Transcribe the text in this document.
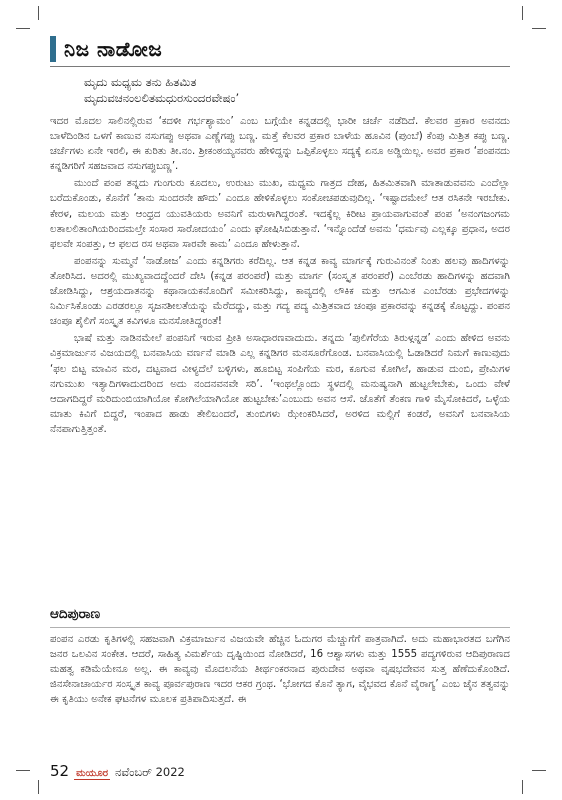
ನಿಜ ನಾಡೋಜ
ಮೃದು ಮಧ್ಯಮ ತನು ಹಿತಮಿತ
ಮೃದುವಚನಂಲಲಿತಮಧುರಸುಂದರವೇಷಂ’

ಇದರ ಮೊದಲ ಸಾಲಿನಲ್ಲಿರುವ ‘ಕದಳೀ ಗರ್ಭಶ್ಯಾಮಂ’ ಎಂಬ ಬಗ್ಗೆಯೇ ಕನ್ನಡದಲ್ಲಿ ಭಾರೀ ಚರ್ಚೆ ನಡೆದಿದೆ. ಕೆಲವರ ಪ್ರಕಾರ ಅವನದು ಬಾಳೆದಿಂಡಿನ ಒಳಗೆ ಕಾಣುವ ನಸುಗಪ್ಪು ಅಥವಾ ಎಣ್ಣೆಗಪ್ಪು ಬಣ್ಣ. ಮತ್ತೆ ಕೆಲವರ ಪ್ರಕಾರ ಬಾಳೆಯ ಹೂವಿನ (ಪುಂಬೆ) ಕೆಂಪು ಮಿಶ್ರಿತ ಕಪ್ಪು ಬಣ್ಣ. ಚರ್ಚೆಗಳು ಏನೇ ಇರಲಿ, ಈ ಕುರಿತು ತೀ.ನಂ. ಶ್ರೀಕಂಠಯ್ಯನವರು ಹೇಳಿದ್ದನ್ನು ಒಪ್ಪಿಕೊಳ್ಳಲು ಸದ್ಯಕ್ಕೆ ಏನೂ ಅಡ್ಡಿಯಿಲ್ಲ. ಅವರ ಪ್ರಕಾರ ‘ಪಂಪನದು ಕನ್ನಡಿಗರಿಗೆ ಸಹಜವಾದ ನಸುಗಪ್ಪುಬಣ್ಣ’.

ಮುಂದೆ ಪಂಪ ತನ್ನದು ಗುಂಗುರು ಕೂದಲು, ಉರುಟು ಮುಖ, ಮಧ್ಯಮ ಗಾತ್ರದ ದೇಹ, ಹಿತಮಿತವಾಗಿ ಮಾತಾಡುವವನು ಎಂದೆಲ್ಲಾ ಬರೆದುಕೊಂಡು, ಕೊನೆಗೆ ‘ತಾನು ಸುಂದರನೇ ಹೌದು’ ಎಂದೂ ಹೇಳಿಕೊಳ್ಳಲು ಸಂಕೋಚಪಡುವುದಿಲ್ಲ. ‘ಇಷ್ಟಾದಮೇಲೆ ಆತ ರಸಿಕನೇ ಇರಬೇಕು. ಕೇರಳ, ಮಲಯ ಮತ್ತು ಆಂಧ್ರದ ಯುವತಿಯರು ಅವನಿಗೆ ಮರುಳಾಗಿದ್ದರಂತೆ. ಇದಕ್ಕೆಲ್ಲ ಕಿರೀಟ ಪ್ರಾಯವಾಗುವಂತೆ ಪಂಪ ‘ಅನಂಗಜಂಗಮ ಲತಾಲಲಿತಾಂಗಿಯರಿಂದಮಲ್ತೇ ಸಂಸಾರ ಸಾರೋದಯಂ’ ಎಂದು ಘೋಷಿಸಿಬಿಡುತ್ತಾನೆ. ‘ಇನ್ನೊಂದೆಡೆ ಅವನು ‘ಧರ್ಮವು ಎಲ್ಲಕ್ಕೂ ಪ್ರಧಾನ, ಅದರ ಫಲವೇ ಸಂಪತ್ತು, ಆ ಫಲದ ರಸ ಅಥವಾ ಸಾರವೇ ಕಾಮ’ ಎಂದೂ ಹೇಳುತ್ತಾನೆ.

ಪಂಪನನ್ನು ಸುಮ್ಮನೆ ‘ನಾಡೋಜ’ ಎಂದು ಕನ್ನಡಿಗರು ಕರೆದಿಲ್ಲ. ಆತ ಕನ್ನಡ ಕಾವ್ಯ ಮಾರ್ಗಕ್ಕೆ ಗುರುವಿನಂತೆ ನಿಂತು ಹಲವು ಹಾದಿಗಳನ್ನು ತೋರಿಸಿದ. ಅದರಲ್ಲಿ ಮುಖ್ಯವಾದದ್ದೆಂದರೆ ದೇಸಿ (ಕನ್ನಡ ಪರಂಪರೆ) ಮತ್ತು ಮಾರ್ಗ (ಸಂಸ್ಕೃತ ಪರಂಪರೆ) ಎಂಬೆರಡು ಹಾದಿಗಳನ್ನು ಹದವಾಗಿ ಜೋಡಿಸಿದ್ದು, ಆಶ್ರಯದಾತನನ್ನು ಕಥಾನಾಯಕನೊಂದಿಗೆ ಸಮೀಕರಿಸಿದ್ದು, ಕಾವ್ಯದಲ್ಲಿ ಲೌಕಿಕ ಮತ್ತು ಆಗಮಿಕ ಎಂಬೆರಡು ಪ್ರಭೇದಗಳನ್ನು ನಿರ್ಮಿಸಿಕೊಂಡು ಎರಡರಲ್ಲೂ ಸೃಜನಶೀಲತೆಯನ್ನು ಮೆರೆದದ್ದು, ಮತ್ತು ಗದ್ಯ ಪದ್ಯ ಮಿಶ್ರಿತವಾದ ಚಂಪೂ ಪ್ರಕಾರವನ್ನು ಕನ್ನಡಕ್ಕೆ ಕೊಟ್ಟದ್ದು. ಪಂಪನ ಚಂಪೂ ಶೈಲಿಗೆ ಸಂಸ್ಕೃತ ಕವಿಗಳೂ ಮನಸೋತಿದ್ದರಂತೆ!

ಭಾಷೆ ಮತ್ತು ನಾಡಿನಮೇಲೆ ಪಂಪನಿಗೆ ಇರುವ ಪ್ರೀತಿ ಅಸಾಧಾರಣವಾದುದು. ತನ್ನದು ‘ಪುಲಿಗೆರೆಯ ತಿರುಳ್ಗನ್ನಡ’ ಎಂದು ಹೇಳಿದ ಅವನು ವಿಕ್ರಮಾರ್ಜುನ ವಿಜಯದಲ್ಲಿ ಬನವಾಸಿಯ ವರ್ಣನೆ ಮಾಡಿ ಎಲ್ಲ ಕನ್ನಡಿಗರ ಮನಸೂರೆಗೊಂಡ. ಬನವಾಸಿಯಲ್ಲಿ ಓಡಾಡಿದರೆ ನಿಮಗೆ ಕಾಣುವುದು ‘ಫಲ ಬಿಟ್ಟ ಮಾವಿನ ಮರ, ದಟ್ಟವಾದ ವೀಳ್ಯದೆಲೆ ಬಳ್ಳಿಗಳು, ಹೂಬಿಟ್ಟ ಸಂಪಿಗೆಯ ಮರ, ಕೂಗುವ ಕೋಗಿಲೆ, ಹಾಡುವ ದುಂಬಿ, ಪ್ರೇಮಿಗಳ ನಗುಮುಖ ಇತ್ಯಾದಿಗಳಾದುದರಿಂದ ಅದು ನಂದನವನವೇ ಸರಿ’. ‘ಇಂಥಲ್ಲೊಂದು ಸ್ಥಳದಲ್ಲಿ ಮನುಷ್ಯನಾಗಿ ಹುಟ್ಟಲೇಬೇಕು, ಒಂದು ವೇಳೆ ಆದಾಗದಿದ್ದರೆ ಮರಿದುಂಬಿಯಾಗಿಯೋ ಕೋಗಿಲೆಯಾಗಿಯೋ ಹುಟ್ಟಬೇಕು’ಎಂಬುದು ಅವನ ಆಸೆ. ಜೊತೆಗೆ ತೆಂಕಣ ಗಾಳಿ ಮೈಸೋಕಿದರೆ, ಒಳ್ಳೆಯ ಮಾತು ಕಿವಿಗೆ ಬಿದ್ದರೆ, ಇಂಪಾದ ಹಾಡು ತೇಲಿಬಂದರೆ, ತುಂಬಿಗಳು ಝೇಂಕರಿಸಿದರೆ, ಅರಳಿದ ಮಲ್ಲಿಗೆ ಕಂಡರೆ, ಅವನಿಗೆ ಬನವಾಸಿಯ ನೆನಪಾಗುತ್ತಿತ್ತಂತೆ.

ಆದಿಪುರಾಣ

ಪಂಪನ ಎರಡು ಕೃತಿಗಳಲ್ಲಿ ಸಹಜವಾಗಿ ವಿಕ್ರಮಾರ್ಜುನ ವಿಜಯವೇ ಹೆಚ್ಚಿನ ಓದುಗರ ಮೆಚ್ಚುಗೆಗೆ ಪಾತ್ರವಾಗಿದೆ. ಅದು ಮಹಾಭಾರತದ ಬಗೆಗಿನ ಜನರ ಒಲವಿನ ಸಂಕೇತ. ಆದರೆ, ಸಾಹಿತ್ಯ ವಿಮರ್ಶೆಯ ದೃಷ್ಟಿಯಿಂದ ನೋಡಿದರೆ, 16 ಆಶ್ವಾಸಗಳು ಮತ್ತು 1555 ಪದ್ಯಗಳಿರುವ ಆದಿಪುರಾಣದ ಮಹತ್ವ ಕಡಿಮೆಯೇನೂ ಅಲ್ಲ. ಈ ಕಾವ್ಯವು ಮೊದಲನೆಯ ತೀರ್ಥಂಕರನಾದ ಪುರುದೇವ ಅಥವಾ ವೃಷಭದೇವನ ಸುತ್ತ ಹೆಣೆದುಕೊಂಡಿದೆ. ಜಿನಸೇನಾಚಾರ್ಯರ ಸಂಸ್ಕೃತ ಕಾವ್ಯ ಪೂರ್ವಪುರಾಣ ಇದರ ಆಕರ ಗ್ರಂಥ. ‘ಭೋಗದ ಕೊನೆ ತ್ಯಾಗ, ವೈಭವದ ಕೊನೆ ವೈರಾಗ್ಯ’ ಎಂಬ ಜೈನ ತತ್ವವನ್ನು ಈ ಕೃತಿಯು ಅನೇಕ ಘಟನೆಗಳ ಮೂಲಕ ಪ್ರತಿಪಾದಿಸುತ್ತದೆ. ಈ

52 ಮಯೂರ ನವೆಂಬರ್ 2022
